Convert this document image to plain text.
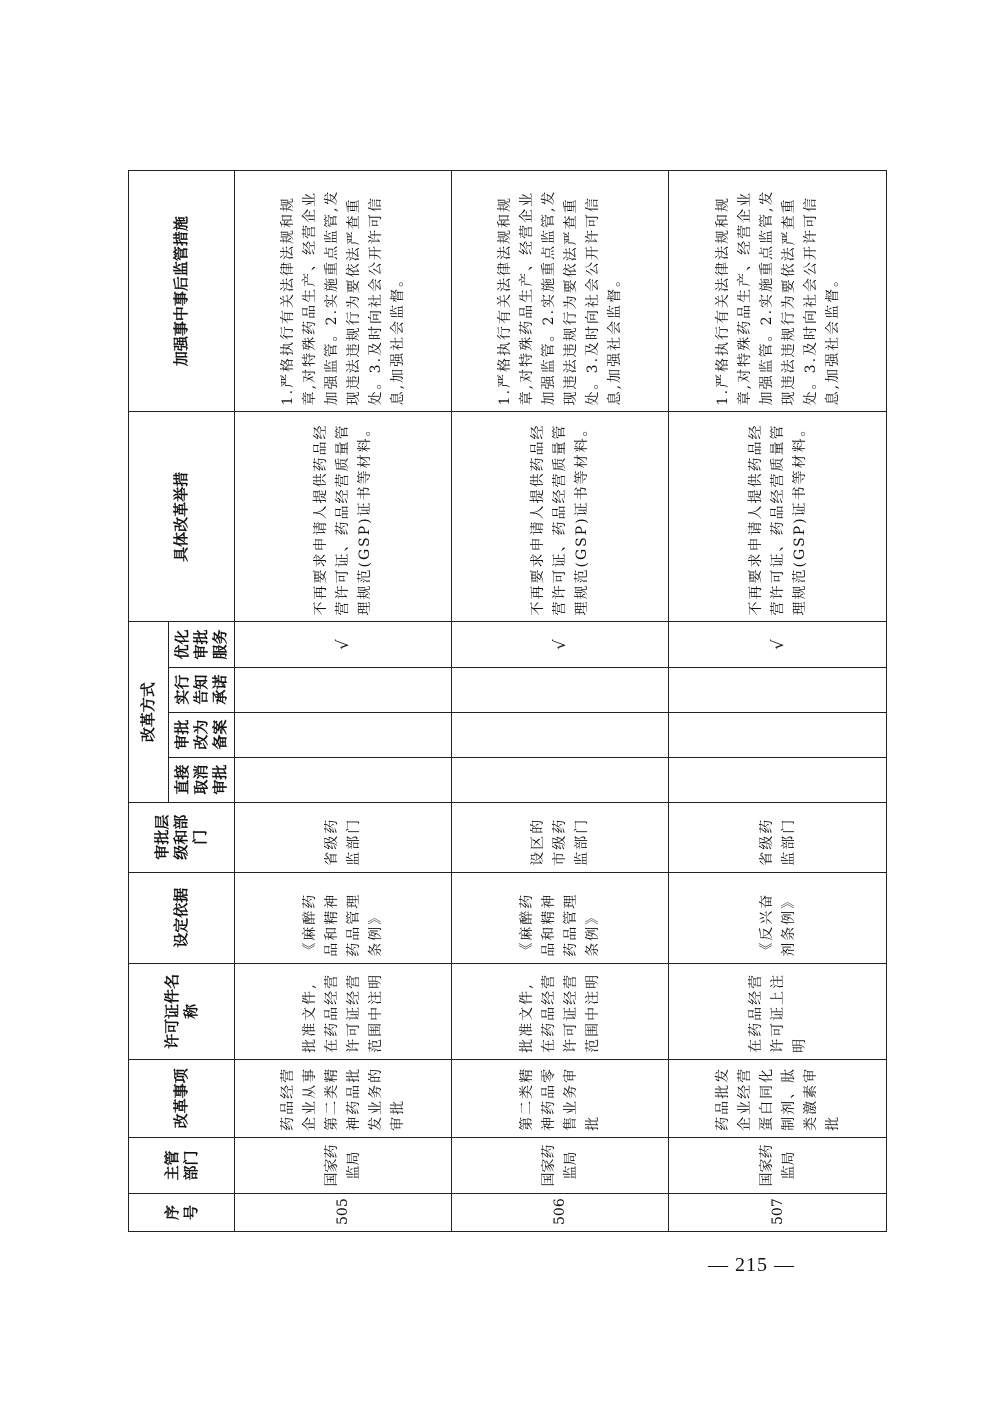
序号	主管部门	改革事项	许可证件名称	设定依据	审批层级和部门	改革方式				具体改革举措	加强事中事后监管措施
						直接取消审批	审批改为备案	实行告知承诺	优化审批服务		
505	国家药监局	药品经营企业从事第二类精神药品批发业务的审批	批准文件,在药品经营许可证经营范围中注明	《麻醉药品和精神药品管理条例》	省级药监部门				√	不再要求申请人提供药品经营许可证、药品经营质量管理规范(GSP)证书等材料。	1.严格执行有关法律法规和规章,对特殊药品生产、经营企业加强监管。2.实施重点监管,发现违法违规行为要依法严查重处。3.及时向社会公开许可信息,加强社会监督。
506	国家药监局	第二类精神药品零售业务审批	批准文件,在药品经营许可证经营范围中注明	《麻醉药品和精神药品管理条例》	设区的市级药监部门				√	不再要求申请人提供药品经营许可证、药品经营质量管理规范(GSP)证书等材料。	1.严格执行有关法律法规和规章,对特殊药品生产、经营企业加强监管。2.实施重点监管,发现违法违规行为要依法严查重处。3.及时向社会公开许可信息,加强社会监督。
507	国家药监局	药品批发企业经营蛋白同化制剂、肽类激素审批	在药品经营许可证上注明	《反兴奋剂条例》	省级药监部门				√	不再要求申请人提供药品经营许可证、药品经营质量管理规范(GSP)证书等材料。	1.严格执行有关法律法规和规章,对特殊药品生产、经营企业加强监管。2.实施重点监管,发现违法违规行为要依法严查重处。3.及时向社会公开许可信息,加强社会监督。
— 215 —
